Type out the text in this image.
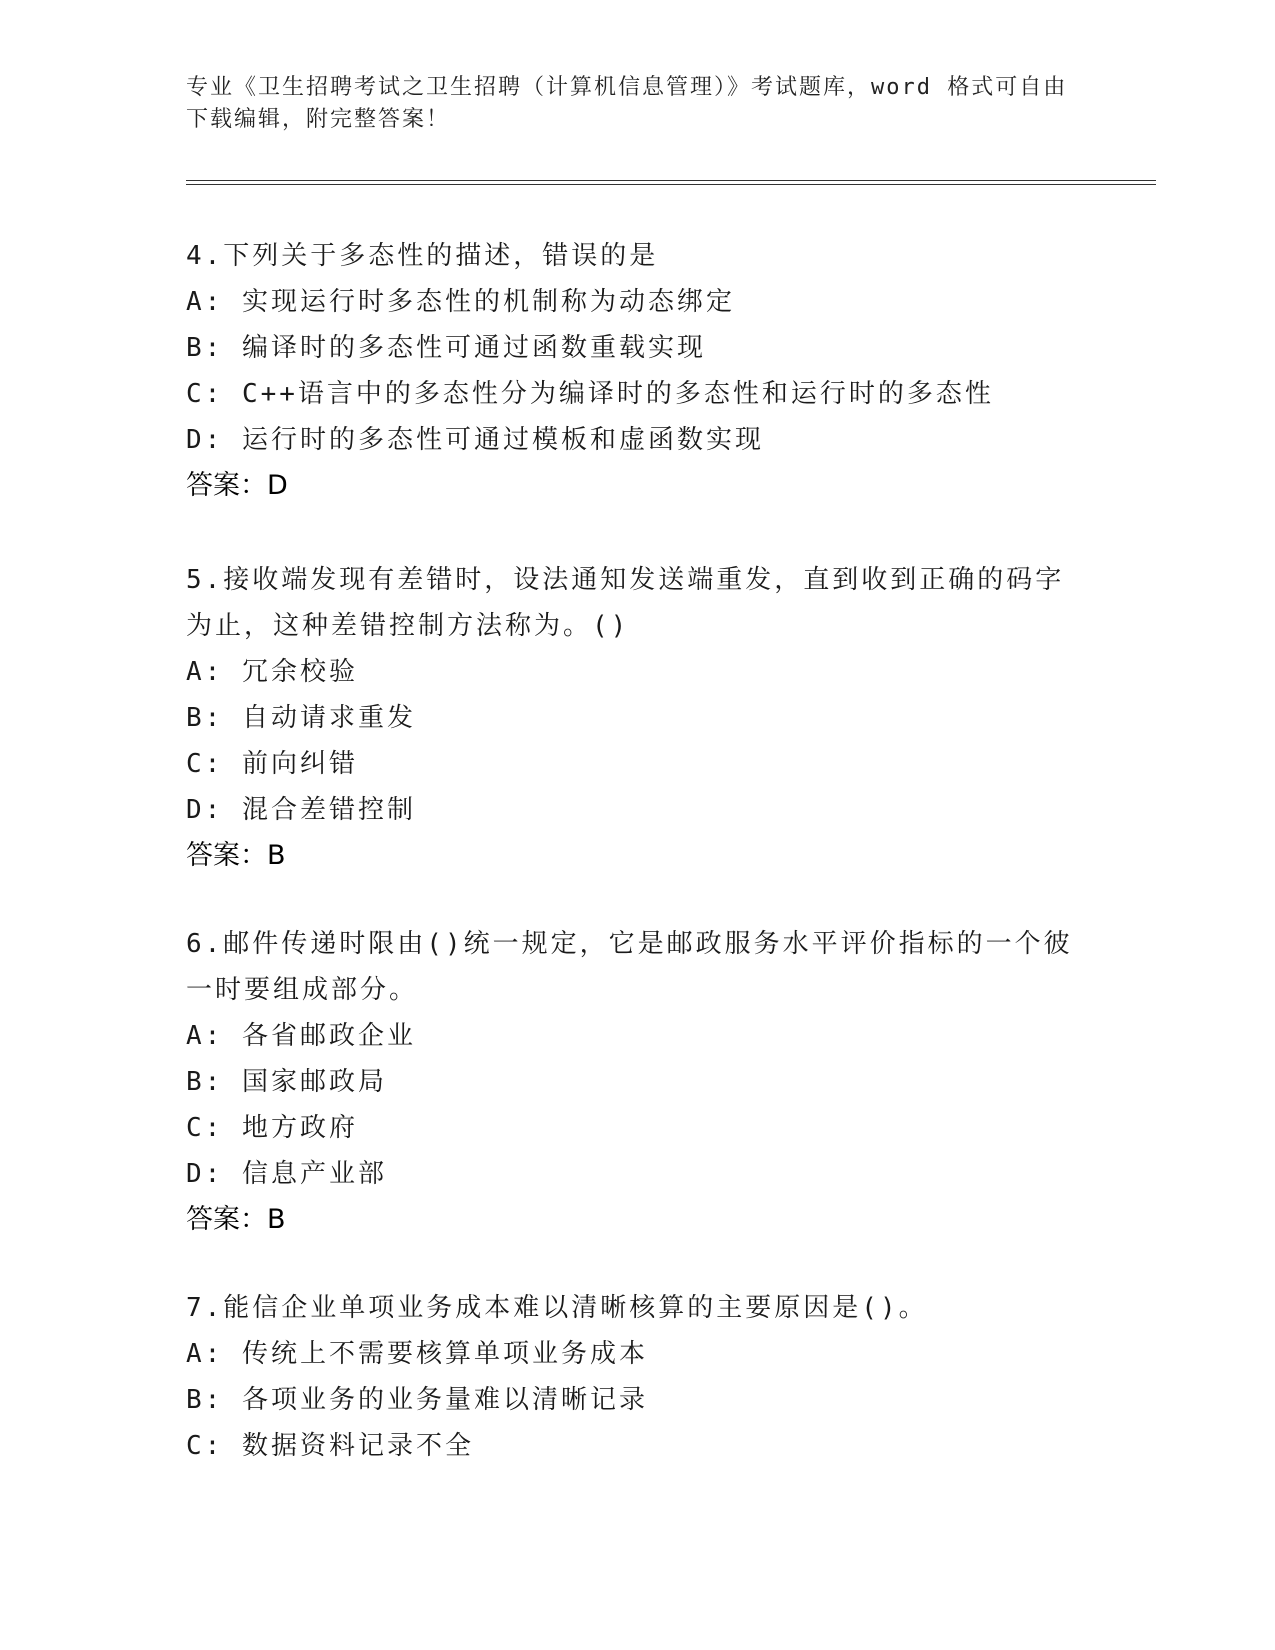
专业《卫生招聘考试之卫生招聘（计算机信息管理）》考试题库，word 格式可自由下载编辑，附完整答案！
4.下列关于多态性的描述，错误的是
A: 实现运行时多态性的机制称为动态绑定
B: 编译时的多态性可通过函数重载实现
C: C++语言中的多态性分为编译时的多态性和运行时的多态性
D: 运行时的多态性可通过模板和虚函数实现
答案：D
5.接收端发现有差错时，设法通知发送端重发，直到收到正确的码字为止，这种差错控制方法称为。()
A: 冗余校验
B: 自动请求重发
C: 前向纠错
D: 混合差错控制
答案：B
6.邮件传递时限由()统一规定，它是邮政服务水平评价指标的一个彼一时要组成部分。
A: 各省邮政企业
B: 国家邮政局
C: 地方政府
D: 信息产业部
答案：B
7.能信企业单项业务成本难以清晰核算的主要原因是()。
A: 传统上不需要核算单项业务成本
B: 各项业务的业务量难以清晰记录
C: 数据资料记录不全
